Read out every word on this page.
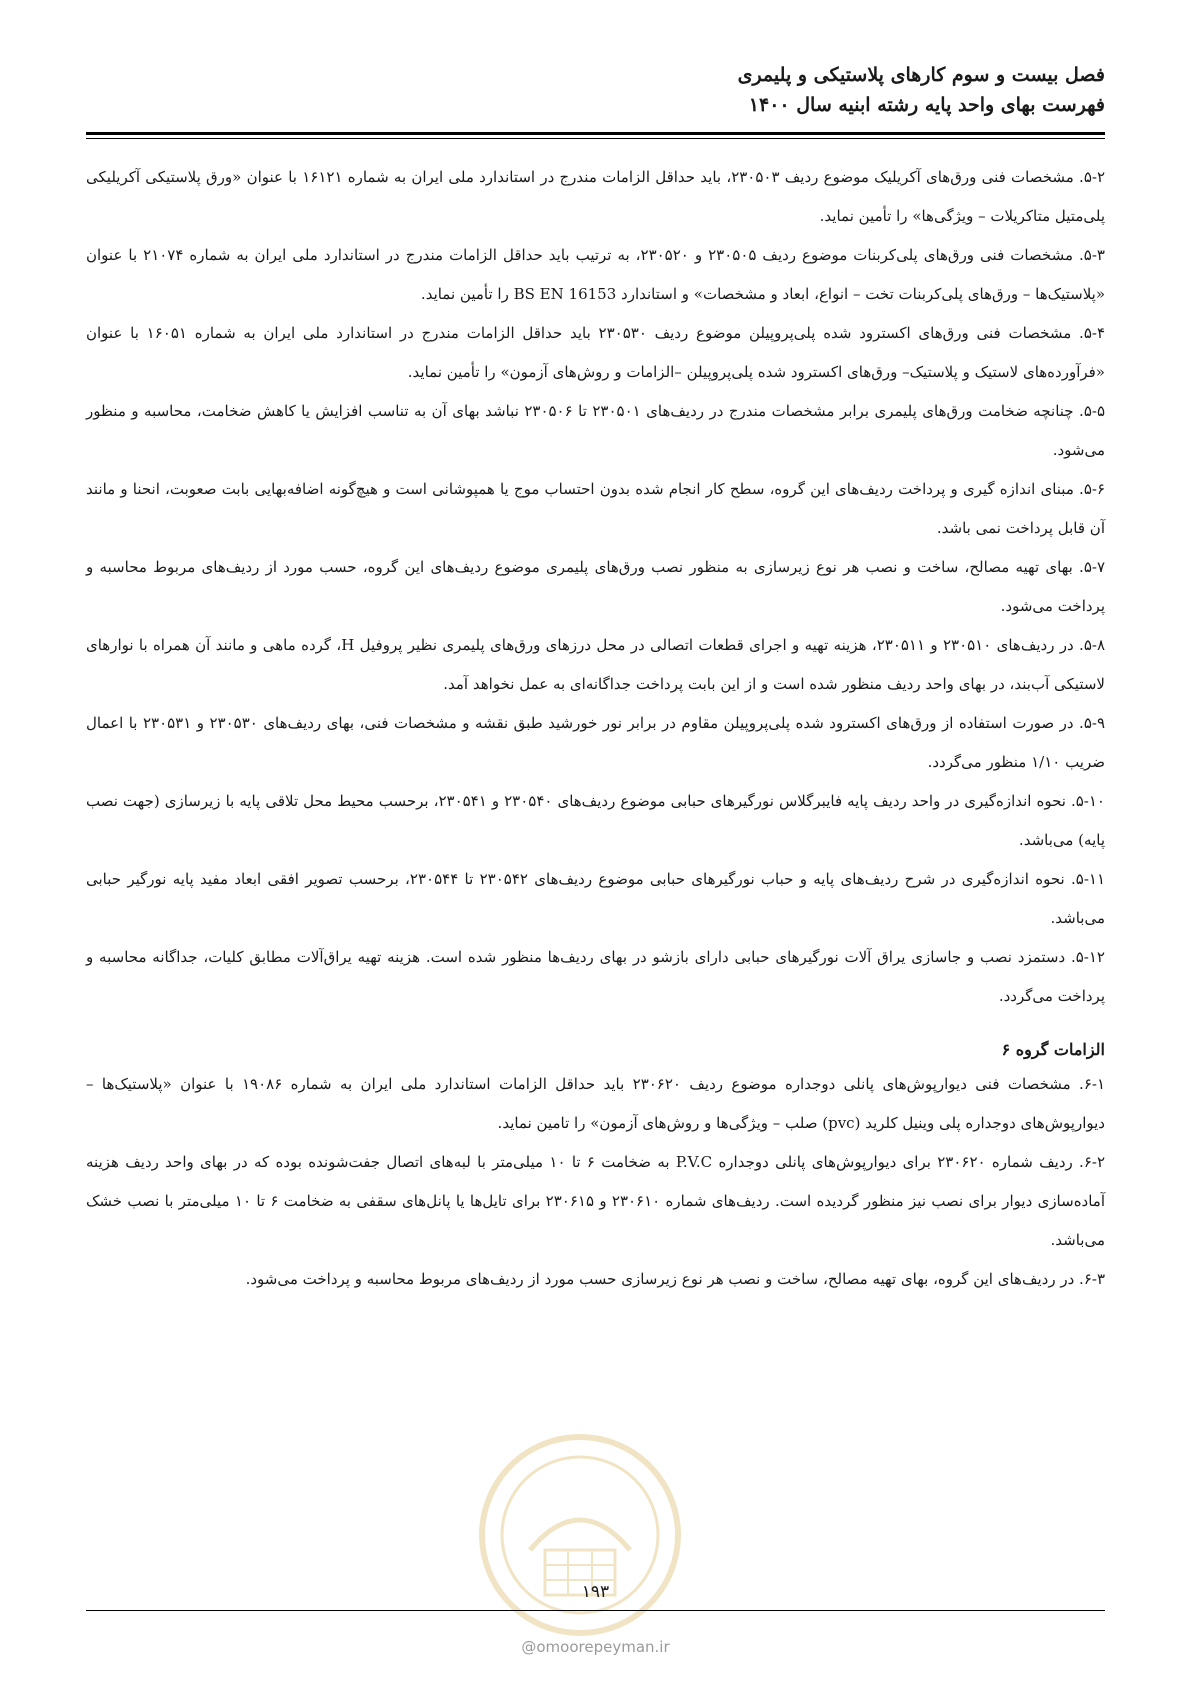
فصل بیست و سوم کارهای پلاستیکی و پلیمری
فهرست بهای واحد پایه رشته ابنیه سال ۱۴۰۰

۵-۲. مشخصات فنی ورق‌های آکریلیک موضوع ردیف ۲۳۰۵۰۳، باید حداقل الزامات مندرج در استاندارد ملی ایران به شماره ۱۶۱۲۱ با عنوان «ورق پلاستیکی آکریلیکی پلی‌متیل متاکریلات – ویژگی‌ها» را تأمین نماید.

۵-۳. مشخصات فنی ورق‌های پلی‌کربنات موضوع ردیف ۲۳۰۵۰۵ و ۲۳۰۵۲۰، به ترتیب باید حداقل الزامات مندرج در استاندارد ملی ایران به شماره ۲۱۰۷۴ با عنوان «پلاستیک‌ها – ورق‌های پلی‌کربنات تخت – انواع، ابعاد و مشخصات» و استاندارد BS EN 16153 را تأمین نماید.

۵-۴. مشخصات فنی ورق‌های اکسترود شده پلی‌پروپیلن موضوع ردیف ۲۳۰۵۳۰ باید حداقل الزامات مندرج در استاندارد ملی ایران به شماره ۱۶۰۵۱ با عنوان «فرآورده‌های لاستیک و پلاستیک– ورق‌های اکسترود شده پلی‌پروپیلن –الزامات و روش‌های آزمون» را تأمین نماید.

۵-۵. چنانچه ضخامت ورق‌های پلیمری برابر مشخصات مندرج در ردیف‌های ۲۳۰۵۰۱ تا ۲۳۰۵۰۶ نباشد بهای آن به تناسب افزایش یا کاهش ضخامت، محاسبه و منظور می‌شود.

۵-۶. مبنای اندازه گیری و پرداخت ردیف‌های این گروه، سطح کار انجام شده بدون احتساب موج یا همپوشانی است و هیچ‌گونه اضافه‌بهایی بابت صعوبت، انحنا و مانند آن قابل پرداخت نمی باشد.

۵-۷. بهای تهیه مصالح، ساخت و نصب هر نوع زیرسازی به منظور نصب ورق‌های پلیمری موضوع ردیف‌های این گروه، حسب مورد از ردیف‌های مربوط محاسبه و پرداخت می‌شود.

۵-۸. در ردیف‌های ۲۳۰۵۱۰ و ۲۳۰۵۱۱، هزینه تهیه و اجرای قطعات اتصالی در محل درزهای ورق‌های پلیمری نظیر پروفیل H، گرده ماهی و مانند آن همراه با نوارهای لاستیکی آب‌بند، در بهای واحد ردیف منظور شده است و از این بابت پرداخت جداگانه‌ای به عمل نخواهد آمد.

۵-۹. در صورت استفاده از ورق‌های اکسترود شده پلی‌پروپیلن مقاوم در برابر نور خورشید طبق نقشه و مشخصات فنی، بهای ردیف‌های ۲۳۰۵۳۰ و ۲۳۰۵۳۱ با اعمال ضریب ۱/۱۰ منظور می‌گردد.

۵-۱۰. نحوه اندازه‌گیری در واحد ردیف پایه فایبرگلاس نورگیرهای حبابی موضوع ردیف‌های ۲۳۰۵۴۰ و ۲۳۰۵۴۱، برحسب محیط محل تلاقی پایه با زیرسازی (جهت نصب پایه) می‌باشد.

۵-۱۱. نحوه اندازه‌گیری در شرح ردیف‌های پایه و حباب نورگیرهای حبابی موضوع ردیف‌های ۲۳۰۵۴۲ تا ۲۳۰۵۴۴، برحسب تصویر افقی ابعاد مفید پایه نورگیر حبابی می‌باشد.

۵-۱۲. دستمزد نصب و جاسازی یراق آلات نورگیرهای حبابی دارای بازشو در بهای ردیف‌ها منظور شده است. هزینه تهیه یراق‌آلات مطابق کلیات، جداگانه محاسبه و پرداخت می‌گردد.

الزامات گروه ۶

۶-۱. مشخصات فنی دیوارپوش‌های پانلی دوجداره موضوع ردیف ۲۳۰۶۲۰ باید حداقل الزامات استاندارد ملی ایران به شماره ۱۹۰۸۶ با عنوان «پلاستیک‌ها – دیوارپوش‌های دوجداره پلی وینیل کلرید (pvc) صلب – ویژگی‌ها و روش‌های آزمون» را تامین نماید.

۶-۲. ردیف شماره ۲۳۰۶۲۰ برای دیوارپوش‌های پانلی دوجداره P.V.C به ضخامت ۶ تا ۱۰ میلی‌متر با لبه‌های اتصال جفت‌شونده بوده که در بهای واحد ردیف هزینه آماده‌سازی دیوار برای نصب نیز منظور گردیده است. ردیف‌های شماره ۲۳۰۶۱۰ و ۲۳۰۶۱۵ برای تایل‌ها یا پانل‌های سقفی به ضخامت ۶ تا ۱۰ میلی‌متر با نصب خشک می‌باشد.

۶-۳. در ردیف‌های این گروه، بهای تهیه مصالح، ساخت و نصب هر نوع زیرسازی حسب مورد از ردیف‌های مربوط محاسبه و پرداخت می‌شود.

۱۹۳
@omoorepeyman.ir
